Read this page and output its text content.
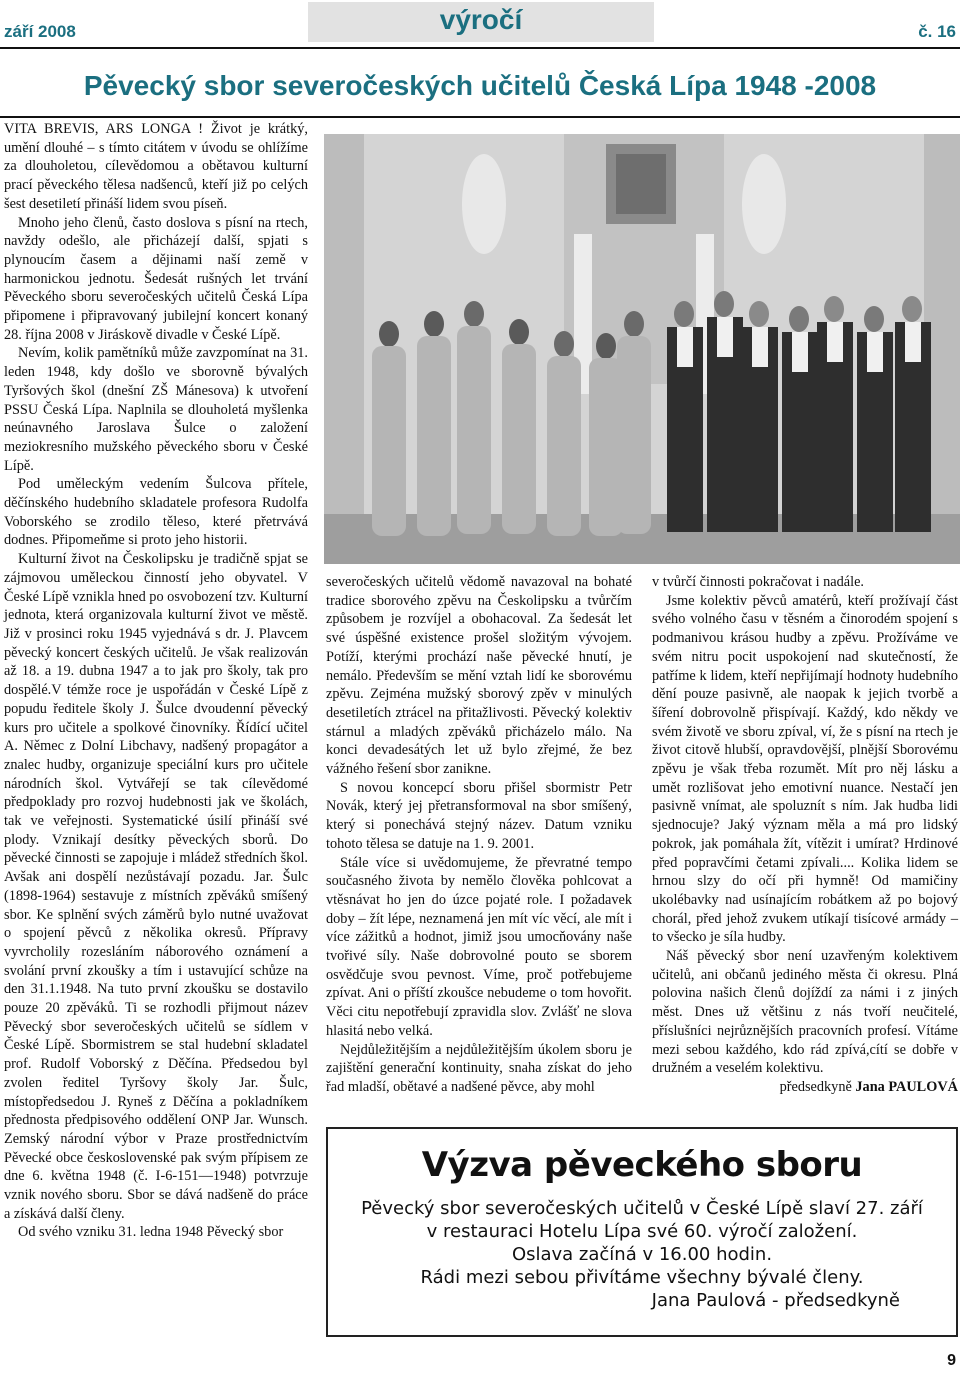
září 2008	výročí	č. 16
Pěvecký sbor severočeských učitelů Česká Lípa 1948 -2008

VITA BREVIS, ARS LONGA ! Život je krátký, umění dlouhé – s tímto citátem v úvodu se ohlížíme za dlouholetou, cílevědomou a obětavou kulturní prací pěveckého tělesa nadšenců, kteří již po celých šest desetiletí přináší lidem svou píseň.

Mnoho jeho členů, často doslova s písní na rtech, navždy odešlo, ale přicházejí další, spjati s plynoucím časem a dějinami naší země v harmonickou jednotu. Šedesát rušných let trvání Pěveckého sboru severočeských učitelů Česká Lípa připomene i připravovaný jubilejní koncert konaný 28. října 2008 v Jiráskově divadle v České Lípě.

Nevím, kolik pamětníků může zavzpomínat na 31. leden 1948, kdy došlo ve sborovně bývalých Tyršových škol (dnešní ZŠ Mánesova) k utvoření PSSU Česká Lípa. Naplnila se dlouholetá myšlenka neúnavného Jaroslava Šulce o založení meziokresního mužského pěveckého sboru v České Lípě.

Pod uměleckým vedením Šulcova přítele, děčínského hudebního skladatele profesora Rudolfa Voborského se zrodilo těleso, které přetrvává dodnes. Připomeňme si proto jeho historii.

Kulturní život na Českolipsku je tradičně spjat se zájmovou uměleckou činností jeho obyvatel. V České Lípě vznikla hned po osvobození tzv. Kulturní jednota, která organizovala kulturní život ve městě. Již v prosinci roku 1945 vyjednává s dr. J. Plavcem pěvecký koncert českých učitelů. Je však realizován až 18. a 19. dubna 1947 a to jak pro školy, tak pro dospělé.V témže roce je uspořádán v České Lípě z popudu ředitele školy J. Šulce dvoudenní pěvecký kurs pro učitele a spolkové činovníky. Řídící učitel A. Němec z Dolní Libchavy, nadšený propagátor a znalec hudby, organizuje speciální kurs pro učitele národních škol. Vytvářejí se tak cílevědomé předpoklady pro rozvoj hudebnosti jak ve školách, tak ve veřejnosti. Systematické úsilí přináší své plody. Vznikají desítky pěveckých sborů. Do pěvecké činnosti se zapojuje i mládež středních škol. Avšak ani dospělí nezůstávají pozadu. Jar. Šulc (1898-1964) sestavuje z místních zpěváků smíšený sbor. Ke splnění svých záměrů bylo nutné uvažovat o spojení pěvců z několika okresů. Přípravy vyvrcholily rozesláním náborového oznámení a svolání první zkoušky a tím i ustavující schůze na den 31.1.1948. Na tuto první zkoušku se dostavilo pouze 20 zpěváků. Ti se rozhodli přijmout název Pěvecký sbor severočeských učitelů se sídlem v České Lípě. Sbormistrem se stal hudební skladatel prof. Rudolf Voborský z Děčína. Předsedou byl zvolen ředitel Tyršovy školy Jar. Šulc, místopředsedou J. Ryneš z Děčína a pokladníkem přednosta předpisového oddělení ONP Jar. Wunsch. Zemský národní výbor v Praze prostřednictvím Pěvecké obce československé pak svým přípisem ze dne 6. května 1948 (č. I-6-151—1948) potvrzuje vznik nového sboru. Sbor se dává nadšeně do práce a získává další členy.

Od svého vzniku 31. ledna 1948 Pěvecký sbor

severočeských učitelů vědomě navazoval na bohaté tradice sborového zpěvu na Českolipsku a tvůrčím způsobem je rozvíjel a obohacoval. Za šedesát let své úspěšné existence prošel složitým vývojem. Potíží, kterými prochází naše pěvecké hnutí, je nemálo. Především se mění vztah lidí ke sborovému zpěvu. Zejména mužský sborový zpěv v minulých desetiletích ztrácel na přitažlivosti. Pěvecký kolektiv stárnul a mladých zpěváků přicházelo málo. Na konci devadesátých let už bylo zřejmé, že bez vážného řešení sbor zanikne.

S novou koncepcí sboru přišel sbormistr Petr Novák, který jej přetransformoval na sbor smíšený, který si ponechává stejný název. Datum vzniku tohoto tělesa se datuje na 1. 9. 2001.

Stále více si uvědomujeme, že převratné tempo současného života by nemělo člověka pohlcovat a vtěsnávat ho jen do úzce pojaté role. I požadavek doby – žít lépe, neznamená jen mít víc věcí, ale mít i více zážitků a hodnot, jimiž jsou umocňovány naše tvořivé síly. Naše dobrovolné pouto se sborem osvědčuje svou pevnost. Víme, proč potřebujeme zpívat. Ani o příští zkoušce nebudeme o tom hovořit. Věci citu nepotřebují zpravidla slov. Zvlášť ne slova hlasitá nebo velká.

Nejdůležitějším a nejdůležitějším úkolem sboru je zajištění generační kontinuity, snaha získat do jeho řad mladší, obětavé a nadšené pěvce, aby mohl

v tvůrčí činnosti pokračovat i nadále.

Jsme kolektiv pěvců amatérů, kteří prožívají část svého volného času v těsném a činorodém spojení s podmanivou krásou hudby a zpěvu. Prožíváme ve svém nitru pocit uspokojení nad skutečností, že patříme k lidem, kteří nepřijímají hodnoty hudebního dění pouze pasivně, ale naopak k jejich tvorbě a šíření dobrovolně přispívají. Každý, kdo někdy ve svém životě ve sboru zpíval, ví, že s písní na rtech je život citově hlubší, opravdovější, plnější Sborovému zpěvu je však třeba rozumět. Mít pro něj lásku a umět rozlišovat jeho emotivní nuance. Nestačí jen pasivně vnímat, ale spoluznít s ním. Jak hudba lidi sjednocuje? Jaký význam měla a má pro lidský pokrok, jak pomáhala žít, vítězit i umírat? Hrdinové před popravčími četami zpívali.... Kolika lidem se hrnou slzy do očí při hymně! Od mamičiny ukolébavky nad usínajícím robátkem až po bojový chorál, před jehož zvukem utíkají tisícové armády – to všecko je síla hudby.

Náš pěvecký sbor není uzavřeným kolektivem učitelů, ani občanů jediného města či okresu. Plná polovina našich členů dojíždí za námi i z jiných měst. Dnes už většinu z nás tvoří neučitelé, příslušníci nejrůznějších pracovních profesí. Vítáme mezi sebou každého, kdo rád zpívá,cítí se dobře v družném a veselém kolektivu.

předsedkyně Jana PAULOVÁ

Výzva pěveckého sboru
Pěvecký sbor severočeských učitelů v České Lípě slaví 27. září
v restauraci Hotelu Lípa své 60. výročí založení.
Oslava začíná v 16.00 hodin.
Rádi mezi sebou přivítáme všechny bývalé členy.
Jana Paulová - předsedkyně
9
